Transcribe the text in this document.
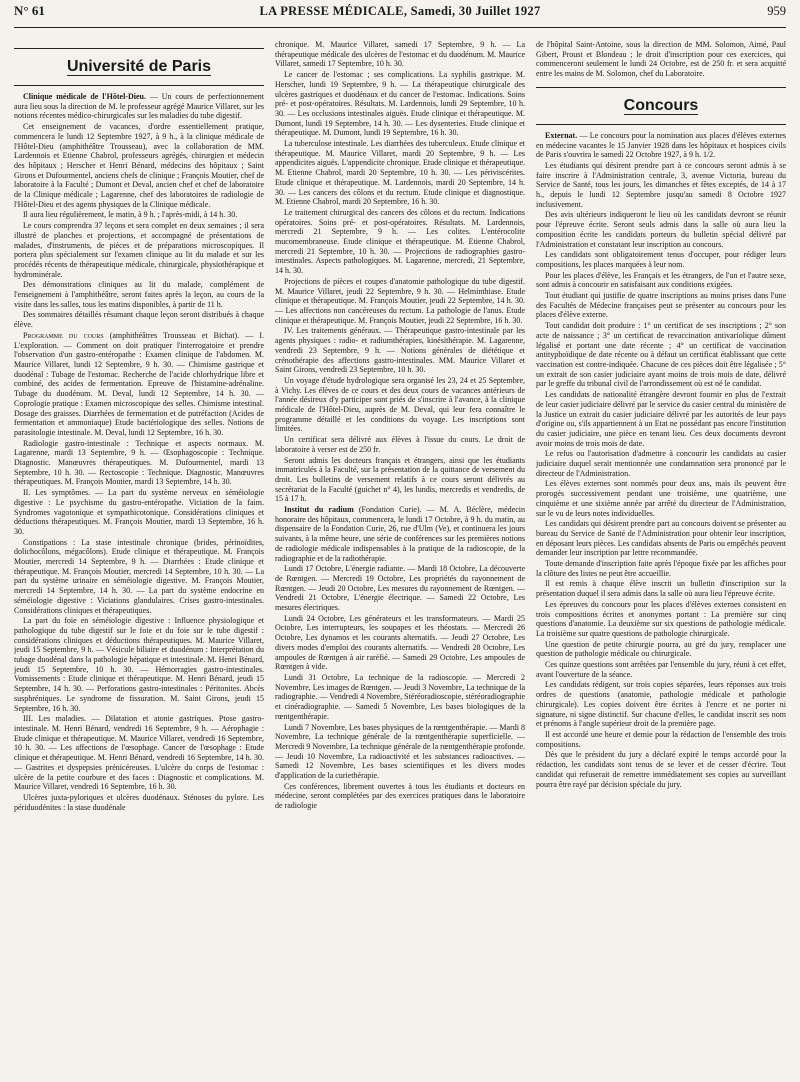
N° 61	LA PRESSE MÉDICALE, Samedi, 30 Juillet 1927	959
Université de Paris

Clinique médicale de l'Hôtel-Dieu. — Un cours de perfectionnement aura lieu sous la direction de M. le professeur agrégé Maurice Villaret, sur les notions récentes médico-chirurgicales sur les maladies du tube digestif.

Cet enseignement de vacances, d'ordre essentiellement pratique, commencera le lundi 12 Septembre 1927, à 9 h., à la clinique médicale de l'Hôtel-Dieu (amphithéâtre Trousseau), avec la collaboration de MM. Lardennois et Etienne Chabrol, professeurs agrégés, chirurgien et médecin des hôpitaux ; Herscher et Henri Bénard, médecins des hôpitaux ; Saint Girons et Dufourmentel, anciens chefs de clinique ; François Moutier, chef de laboratoire à la Faculté ; Dumont et Deval, ancien chef et chef de laboratoire de la Clinique médicale ; Lagarenne, chef des laboratoires de radiologie de l'Hôtel-Dieu et des agents physiques de la Clinique médicale.

Il aura lieu régulièrement, le matin, à 9 h. ; l'après-midi, à 14 h. 30.

Le cours comprendra 37 leçons et sera complet en deux semaines ; il sera illustré de planches et projections, et accompagné de présentations de malades, d'instruments, de pièces et de préparations microscopiques. Il portera plus spécialement sur l'examen clinique au lit du malade et sur les procédés récents de thérapeutique médicale, chirurgicale, physiothérapique et hydrominérale.

Des démonstrations cliniques au lit du malade, complément de l'enseignement à l'amphithéâtre, seront faites après la leçon, au cours de la visite dans les salles, tous les matins disponibles, à partir de 11 h.

Des sommaires détaillés résumant chaque leçon seront distribués à chaque élève.

Programme du cours (amphithéâtres Trousseau et Bichat). — I. L'exploration. — Comment on doit pratiquer l'interrogatoire et prendre l'observation d'un gastro-entéropathe : Examen clinique de l'abdomen. M. Maurice Villaret, lundi 12 Septembre, 9 h. 30. — Chimisme gastrique et duodénal : Tubage de l'estomac. Recherche de l'acide chlorhydrique libre et combiné, des acides de fermentation. Epreuve de l'histamine-adrénaline. Tubage du duodénum. M. Deval, lundi 12 Septembre, 14 h. 30. — Coprologie pratique : Examen microscopique des selles. Chimisme intestinal. Dosage des graisses. Diarrhées de fermentation et de putréfaction (Acides de fermentation et ammoniaque) Etude bactériologique des selles. Notions de parasitologie intestinale. M. Deval, lundi 12 Septembre, 16 h. 30.

Radiologie gastro-intestinale : Technique et aspects normaux. M. Lagarenne, mardi 13 Septembre, 9 h. — Œsophagoscopie : Technique. Diagnostic. Manœuvres thérapeutiques. M. Dufourmentel, mardi 13 Septembre, 10 h. 30. — Rectoscopie : Technique. Diagnostic. Manœuvres thérapeutiques. M. François Moutier, mardi 13 Septembre, 14 h. 30.

II. Les symptômes. — La part du système nerveux en séméiologie digestive : Le psychisme du gastro-entéropathe. Viciation de la faim. Syndromes vagotonique et sympathicotonique. Considérations cliniques et déductions thérapeutiques. M. François Moutier, mardi 13 Septembre, 16 h. 30.

Constipations : La stase intestinale chronique (brides, périnoïdites, dolichocôlons, mégacôlons). Etude clinique et thérapeutique. M. François Moutier, mercredi 14 Septembre, 9 h. — Diarrhées : Etude clinique et thérapeutique. M. François Moutier, mercredi 14 Septembre, 10 h. 30. — La part du système urinaire en séméiologie digestive. M. François Moutier, mercredi 14 Septembre, 14 h. 30. — La part du système endocrine en séméiologie digestive : Viciations glandulaires. Crises gastro-intestinales. Considérations cliniques et thérapeutiques.

La part du foie en séméiologie digestive : Influence physiologique et pathologique du tube digestif sur le foie et du foie sur le tube digestif : considérations cliniques et déductions thérapeutiques. M. Maurice Villaret, jeudi 15 Septembre, 9 h. — Vésicule biliaire et duodénum : Interprétation du tubage duodénal dans la pathologie hépatique et intestinale. M. Henri Bénard, jeudi 15 Septembre, 10 h. 30. — Hémorragies gastro-intestinales. Vomissements : Etude clinique et thérapeutique. M. Henri Bénard, jeudi 15 Septembre, 14 h. 30. — Perforations gastro-intestinales : Péritonites. Abcès susphréniques. Le syndrome de fissuration. M. Saint Girons, jeudi 15 Septembre, 16 h. 30.

III. Les maladies. — Dilatation et atonie gastriques. Ptose gastro-intestinale. M. Henri Bénard, vendredi 16 Septembre, 9 h. — Aérophagie : Etude clinique et thérapeutique. M. Maurice Villaret, vendredi 16 Septembre, 10 h. 30. — Les affections de l'œsophage. Cancer de l'œsophage : Etude clinique et thérapeutique. M. Henri Bénard, vendredi 16 Septembre, 14 h. 30. — Gastrites et dyspepsies prénicéreuses. L'ulcère du corps de l'estomac : ulcère de la petite courbure et des faces : Diagnostic et complications. M. Maurice Villaret, vendredi 16 Septembre, 16 h. 30.

Ulcères juxta-pyloriques et ulcères duodénaux. Sténoses du pylore. Les périduodénites : la stase duodénale

chronique. M. Maurice Villaret, samedi 17 Septembre, 9 h. — La thérapeutique médicale des ulcères de l'estomac et du duodénum. M. Maurice Villaret, samedi 17 Septembre, 10 h. 30.

Le cancer de l'estomac ; ses complications. La syphilis gastrique. M. Herscher, lundi 19 Septembre, 9 h. — La thérapeutique chirurgicale des ulcères gastriques et duodénaux et du cancer de l'estomac. Indications. Soins pré- et post-opératoires. Résultats. M. Lardennois, lundi 29 Septembre, 10 h. 30. — Les occlusions intestinales aiguës. Etude clinique et thérapeutique. M. Dumont, lundi 19 Septembre, 14 h. 30. — Les dysenteries. Etude clinique et thérapeutique. M. Dumont, lundi 19 Septembre, 16 h. 30.

La tuberculose intestinale. Les diarrhées des tuberculeux. Etude clinique et thérapeutique. M. Maurice Villaret, mardi 20 Septembre, 9 h. — Les appendicites aiguës. L'appendicite chronique. Etude clinique et thérapeutique. M. Etienne Chabrol, mardi 20 Septembre, 10 h. 30. — Les périviscérites. Etude clinique et thérapeutique. M. Lardennois, mardi 20 Septembre, 14 h. 30. — Les cancers des côlons et du rectum. Etude clinique et diagnostique. M. Etienne Chabrol, mardi 20 Septembre, 16 h. 30.

Le traitement chirurgical des cancers des côlons et du rectum. Indications opératoires. Soins pré- et post-opératoires. Résultats. M. Lardennois, mercredi 21 Septembre, 9 h. — Les colites. L'entérocolite mucomembraneuse. Etude clinique et thérapeutique. M. Etienne Chabrol, mercredi 21 Septembre, 10 h. 30. — Projections de radiographies gastro-intestinales. Aspects pathologiques. M. Lagarenne, mercredi, 21 Septembre, 14 h. 30.

Projections de pièces et coupes d'anatomie pathologique du tube digestif. M. Maurice Villaret, jeudi 22 Septembre, 9 h. 30. — Helminthiase. Etude clinique et thérapeutique. M. François Moutier, jeudi 22 Septembre, 14 h. 30. — Les affections non cancéreuses du rectum. La pathologie de l'anus. Etude clinique et thérapeutique. M. François Moutier, jeudi 22 Septembre, 16 h. 30.

IV. Les traitements généraux. — Thérapeutique gastro-intestinale par les agents physiques : radio- et radiumthérapies, kinésithérapie. M. Lagarenne, vendredi 23 Septembre, 9 h. — Notions générales de diététique et crénothérapie des affections gastro-intestinales. MM. Maurice Villaret et Saint Girons, vendredi 23 Septembre, 10 h. 30.

Un voyage d'étude hydrologique sera organisé les 23, 24 et 25 Septembre, à Vichy. Les élèves de ce cours et des deux cours de vacances antérieurs de l'année désireux d'y participer sont priés de s'inscrire à l'avance, à la clinique médicale de l'Hôtel-Dieu, auprès de M. Deval, qui leur fera connaître le programme détaillé et les conditions du voyage. Les inscriptions sont limitées.

Un certificat sera délivré aux élèves à l'issue du cours. Le droit de laboratoire à verser est de 250 fr.

Seront admis les docteurs français et étrangers, ainsi que les étudiants immatriculés à la Faculté, sur la présentation de la quittance de versement du droit. Les bulletins de versement relatifs à ce cours seront délivrés au secrétariat de la Faculté (guichet n° 4), les lundis, mercredis et vendredis, de 15 à 17 h.

Institut du radium (Fondation Curie). — M. A. Béclère, médecin honoraire des hôpitaux, commencera, le lundi 17 Octobre, à 9 h. du matin, au dispensaire de la Fondation Curie, 26, rue d'Ulm (Ve), et continuera les jours suivants, à la même heure, une série de conférences sur les premières notions de radiologie médicale indispensables à la pratique de la radioscopie, de la radiographie et de la radiothérapie.

Lundi 17 Octobre, L'énergie radiante. — Mardi 18 Octobre, La découverte de Rœntgen. — Mercredi 19 Octobre, Les propriétés du rayonnement de Rœntgen. — Jeudi 20 Octobre, Les mesures du rayonnement de Rœntgen. — Vendredi 21 Octobre, L'énergie électrique. — Samedi 22 Octobre, Les mesures électriques.

Lundi 24 Octobre, Les générateurs et les transformateurs. — Mardi 25 Octobre, Les interrupteurs, les soupapes et les rhéostats. — Mercredi 26 Octobre, Les dynamos et les courants alternatifs. — Jeudi 27 Octobre, Les divers modes d'emploi des courants alternatifs. — Vendredi 28 Octobre, Les ampoules de Rœntgen à air raréfié. — Samedi 29 Octobre, Les ampoules de Rœntgen à vide.

Lundi 31 Octobre, La technique de la radioscopie. — Mercredi 2 Novembre, Les images de Rœntgen. — Jeudi 3 Novembre, La technique de la radiographie. — Vendredi 4 Novembre, Stéréoradioscopie, stéréoradiographie et cinéradiographie. — Samedi 5 Novembre, Les bases biologiques de la rœntgenthérapie.

Lundi 7 Novembre, Les bases physiques de la rœntgenthérapie. — Mardi 8 Novembre, La technique générale de la rœntgenthérapie superficielle. — Mercredi 9 Novembre, La technique générale de la rœntgenthérapie profonde. — Jeudi 10 Novembre, La radioactivité et les substances radioactives. — Samedi 12 Novembre, Les bases scientifiques et les divers modes d'application de la curiethérapie.

Ces conférences, librement ouvertes à tous les étudiants et docteurs en médecine, seront complétées par des exercices pratiques dans le laboratoire de radiologie

de l'hôpital Saint-Antoine, sous la direction de MM. Solomon, Aimé, Paul Gibert, Proust et Blondeau ; le droit d'inscription pour ces exercices, qui commenceront seulement le lundi 24 Octobre, est de 250 fr. et sera acquitté entre les mains de M. Solomon, chef du Laboratoire.

Concours

Externat. — Le concours pour la nomination aux places d'élèves externes en médecine vacantes le 15 Janvier 1928 dans les hôpitaux et hospices civils de Paris s'ouvrira le samedi 22 Octobre 1927, à 9 h. 1/2.

Les étudiants qui désirent prendre part à ce concours seront admis à se faire inscrire à l'Administration centrale, 3, avenue Victoria, bureau du Service de Santé, tous les jours, les dimanches et fêtes exceptés, de 14 à 17 h., depuis le lundi 12 Septembre jusqu'au samedi 8 Octobre 1927 inclusivement.

Des avis ultérieurs indiqueront le lieu où les candidats devront se réunir pour l'épreuve écrite. Seront seuls admis dans la salle où aura lieu la composition écrite les candidats porteurs du bulletin spécial délivré par l'Administration et constatant leur inscription au concours.

Les candidats sont obligatoirement tenus d'occuper, pour rédiger leurs compositions, les places marquées à leur nom.

Pour les places d'élève, les Français et les étrangers, de l'un et l'autre sexe, sont admis à concourir en satisfaisant aux conditions exigées.

Tout étudiant qui justifie de quatre inscriptions au moins prises dans l'une des Facultés de Médecine françaises peut se présenter au concours pour les places d'élève externe.

Tout candidat doit produire : 1° un certificat de ses inscriptions ; 2° son acte de naissance ; 3° un certificat de revaccination antivariolique dûment légalisé et portant une date récente ; 4° un certificat de vaccination antityphoïdique de date récente ou à défaut un certificat établissant que cette vaccination est contre-indiquée. Chacune de ces pièces doit être légalisée ; 5° un extrait de son casier judiciaire ayant moins de trois mois de date, délivré par le greffe du tribunal civil de l'arrondissement où est né le candidat.

Les candidats de nationalité étrangère devront fournir en plus de l'extrait de leur casier judiciaire délivré par le service du casier central du ministère de la Justice un extrait du casier judiciaire délivré par les autorités de leur pays d'origine ou, s'ils appartiennent à un Etat ne possédant pas encore l'institution du casier judiciaire, une pièce en tenant lieu. Ces deux documents devront avoir moins de trois mois de date.

Le refus ou l'autorisation d'admettre à concourir les candidats au casier judiciaire duquel serait mentionnée une condamnation sera prononcé par le directeur de l'Administration.

Les élèves externes sont nommés pour deux ans, mais ils peuvent être prorogés successivement pendant une troisième, une quatrième, une cinquième et une sixième année par arrêté du directeur de l'Administration, sur le vu de leurs notes individuelles.

Les candidats qui désirent prendre part au concours doivent se présenter au bureau du Service de Santé de l'Administration pour obtenir leur inscription, en déposant leurs pièces. Les candidats absents de Paris ou empêchés peuvent demander leur inscription par lettre recommandée.

Toute demande d'inscription faite après l'époque fixée par les affiches pour la clôture des listes ne peut être accueillie.

Il est remis à chaque élève inscrit un bulletin d'inscription sur la présentation duquel il sera admis dans la salle où aura lieu l'épreuve écrite.

Les épreuves du concours pour les places d'élèves externes consistent en trois compositions écrites et anonymes portant : La première sur cinq questions d'anatomie. La deuxième sur six questions de pathologie médicale. La troisième sur quatre questions de pathologie chirurgicale.

Une question de petite chirurgie pourra, au gré du jury, remplacer une question de pathologie médicale ou chirurgicale.

Ces quinze questions sont arrêtées par l'ensemble du jury, réuni à cet effet, avant l'ouverture de la séance.

Les candidats rédigent, sur trois copies séparées, leurs réponses aux trois ordres de questions (anatomie, pathologie médicale et pathologie chirurgicale). Les copies doivent être écrites à l'encre et ne porter ni signature, ni signe distinctif. Sur chacune d'elles, le candidat inscrit ses nom et prénoms à l'angle supérieur droit de la première page.

Il est accordé une heure et demie pour la rédaction de l'ensemble des trois compositions.

Dès que le président du jury a déclaré expiré le temps accordé pour la rédaction, les candidats sont tenus de se lever et de cesser d'écrire. Tout candidat qui refuserait de remettre immédiatement ses copies au surveillant pourra être rayé par décision spéciale du jury.
